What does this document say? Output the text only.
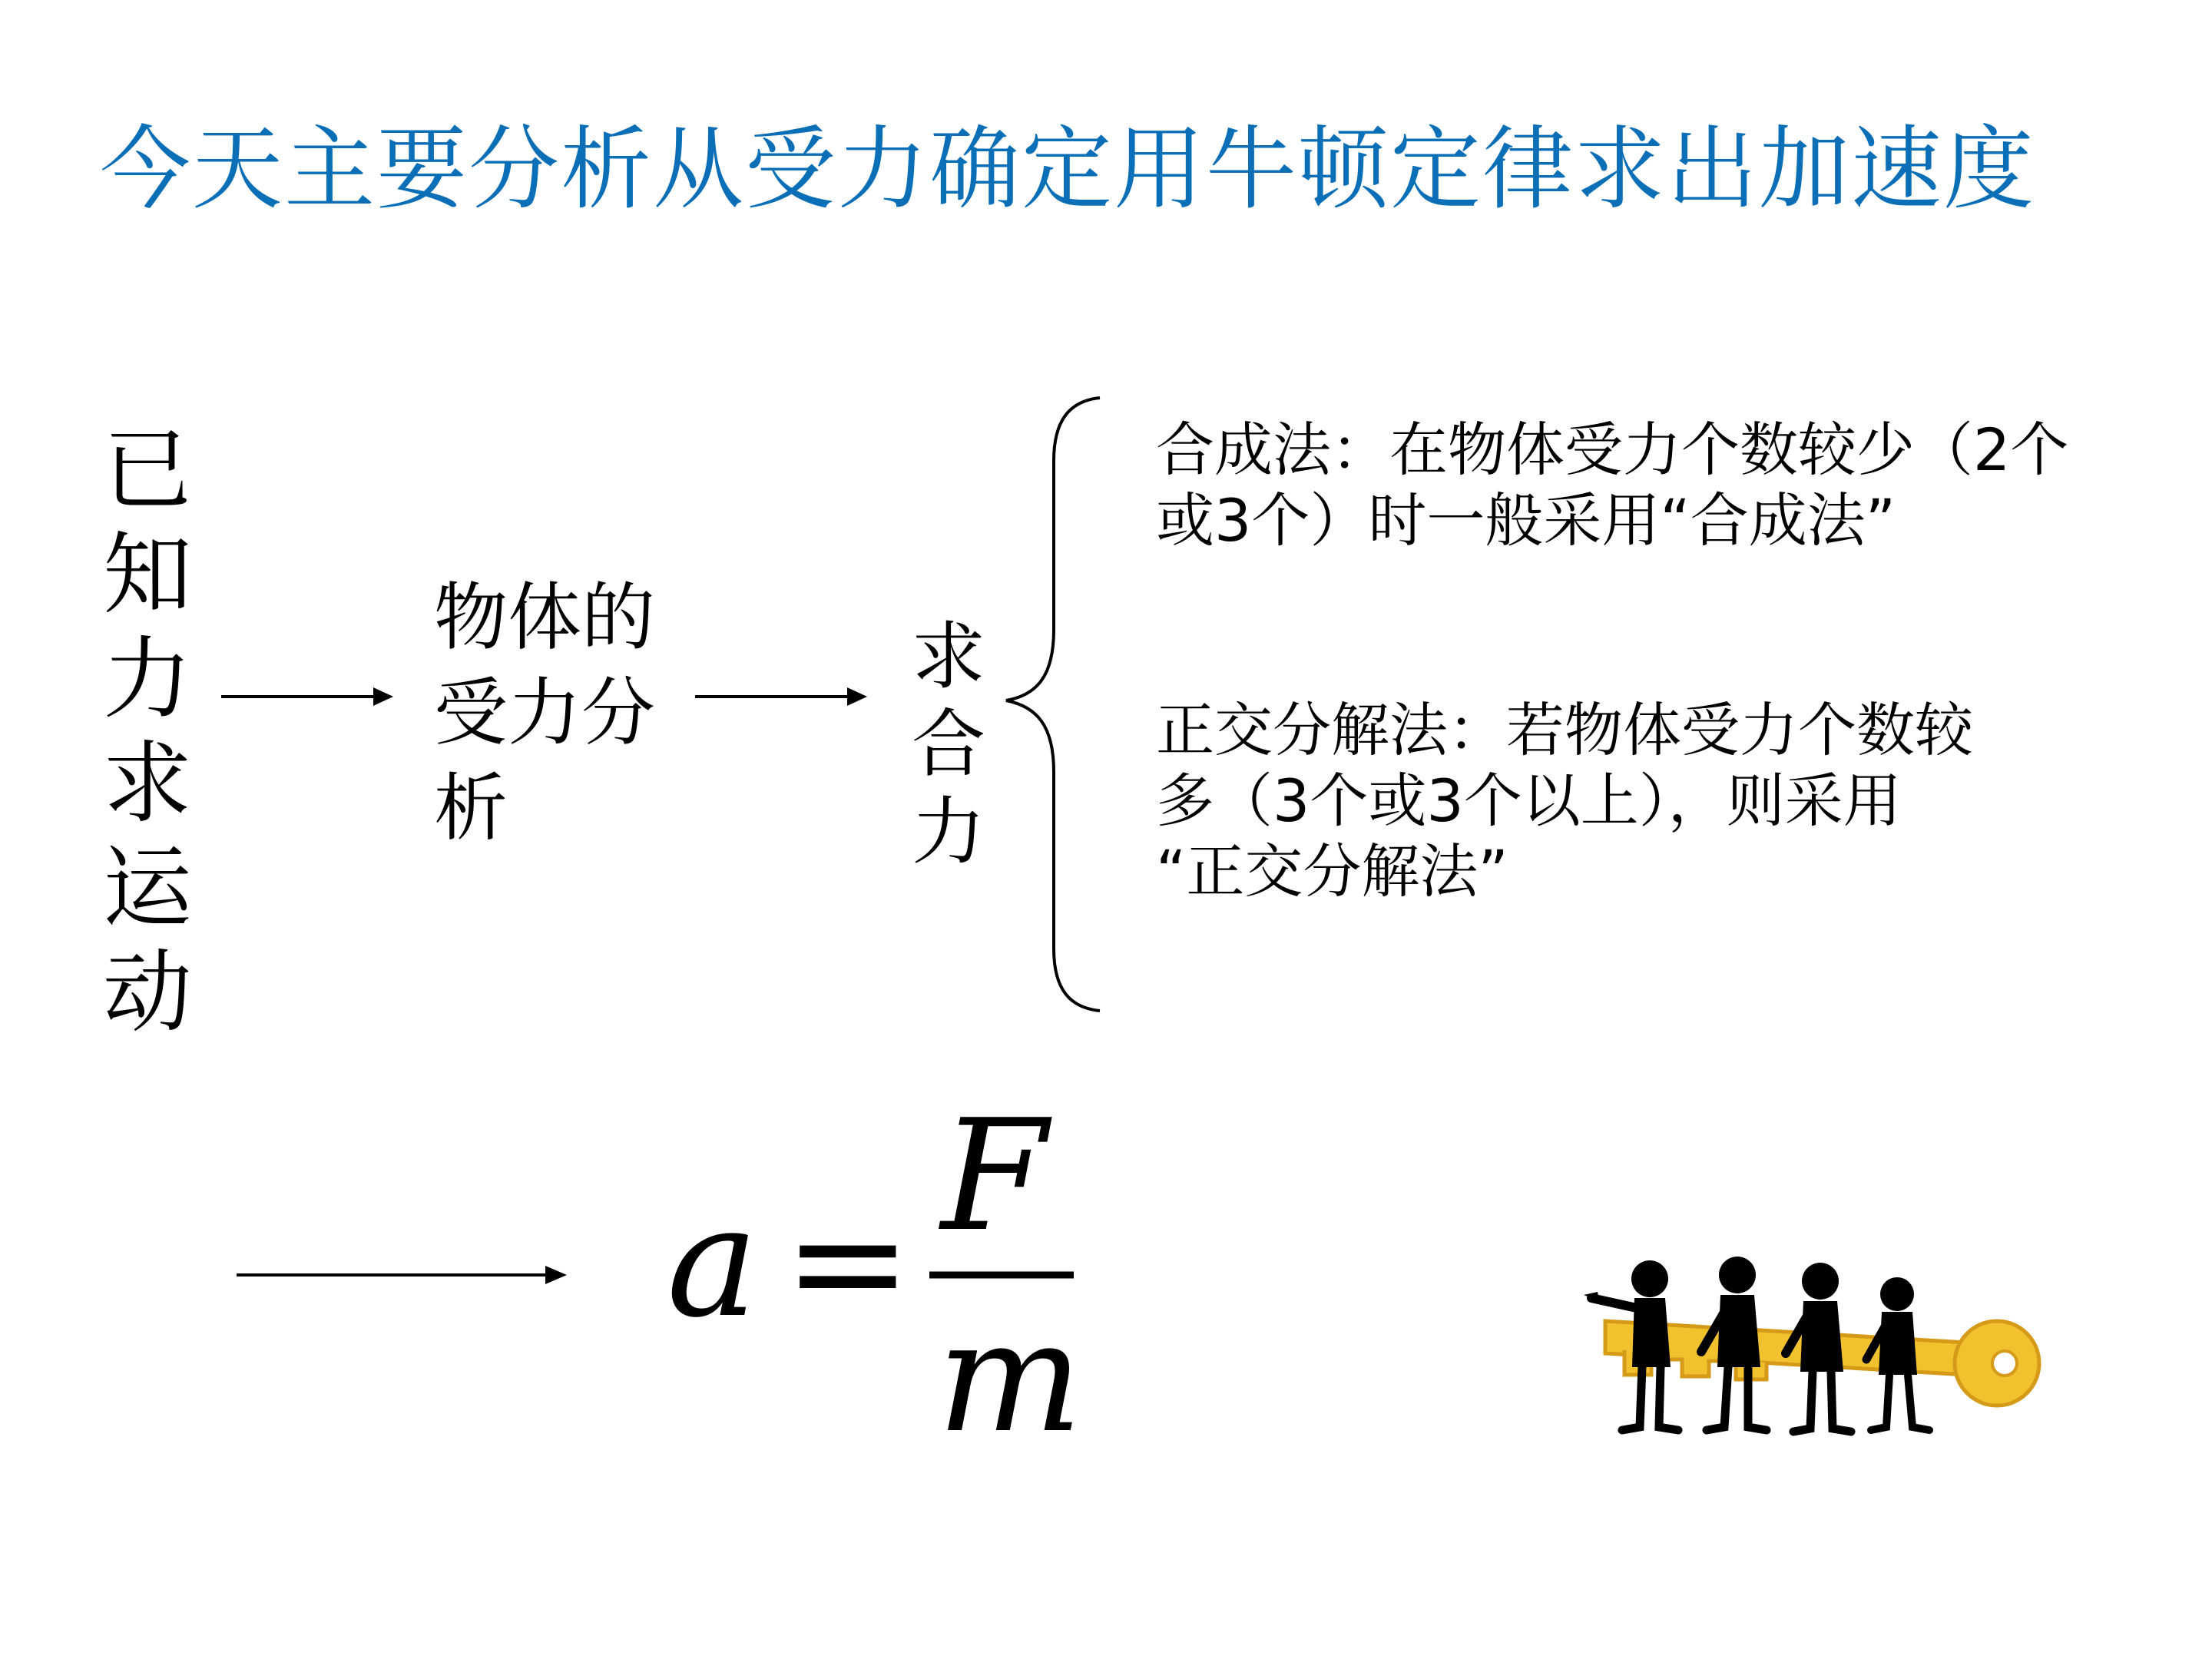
今天主要分析从受力确定用牛顿定律求出加速度
已
知
力
求
运
动
物体的
受力分
析
求
合
力
合成法：在物体受力个数较少（2个
或3个）时一般采用“合成法”
正交分解法：若物体受力个数较
多（3个或3个以上），则采用
“正交分解法”
a = F
m
